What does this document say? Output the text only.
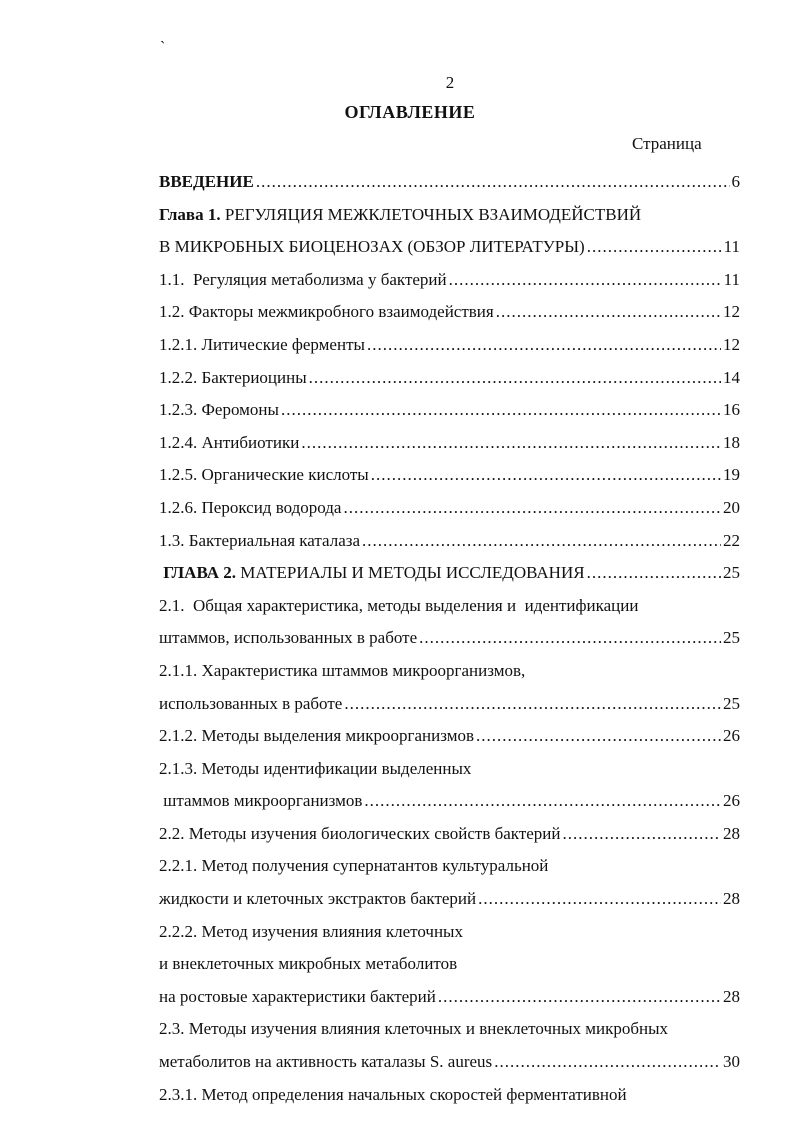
`
2
ОГЛАВЛЕНИЕ
Страница
ВВЕДЕНИЕ .....	6
Глава 1. РЕГУЛЯЦИЯ МЕЖКЛЕТОЧНЫХ ВЗАИМОДЕЙСТВИЙ
В МИКРОБНЫХ БИОЦЕНОЗАХ (ОБЗОР ЛИТЕРАТУРЫ) .....	11
1.1.  Регуляция метаболизма у бактерий .....	11
1.2. Факторы межмикробного взаимодействия .....	12
1.2.1. Литические ферменты .....	12
1.2.2. Бактериоцины .....	14
1.2.3. Феромоны .....	16
1.2.4. Антибиотики .....	18
1.2.5. Органические кислоты .....	19
1.2.6. Пероксид водорода .....	20
1.3. Бактериальная каталаза .....	22
ГЛАВА 2. МАТЕРИАЛЫ И МЕТОДЫ ИССЛЕДОВАНИЯ .....	25
2.1.  Общая характеристика, методы выделения и  идентификации
штаммов, использованных в работе .....	25
2.1.1. Характеристика штаммов микроорганизмов,
использованных в работе .....	25
2.1.2. Методы выделения микроорганизмов .....	26
2.1.3. Методы идентификации выделенных
штаммов микроорганизмов .....	26
2.2. Методы изучения биологических свойств бактерий .....	28
2.2.1. Метод получения супернатантов культуральной
жидкости и клеточных экстрактов бактерий .....	28
2.2.2. Метод изучения влияния клеточных
и внеклеточных микробных метаболитов
на ростовые характеристики бактерий .....	28
2.3. Методы изучения влияния клеточных и внеклеточных микробных
метаболитов на активность каталазы S. aureus .....	30
2.3.1. Метод определения начальных скоростей ферментативной
